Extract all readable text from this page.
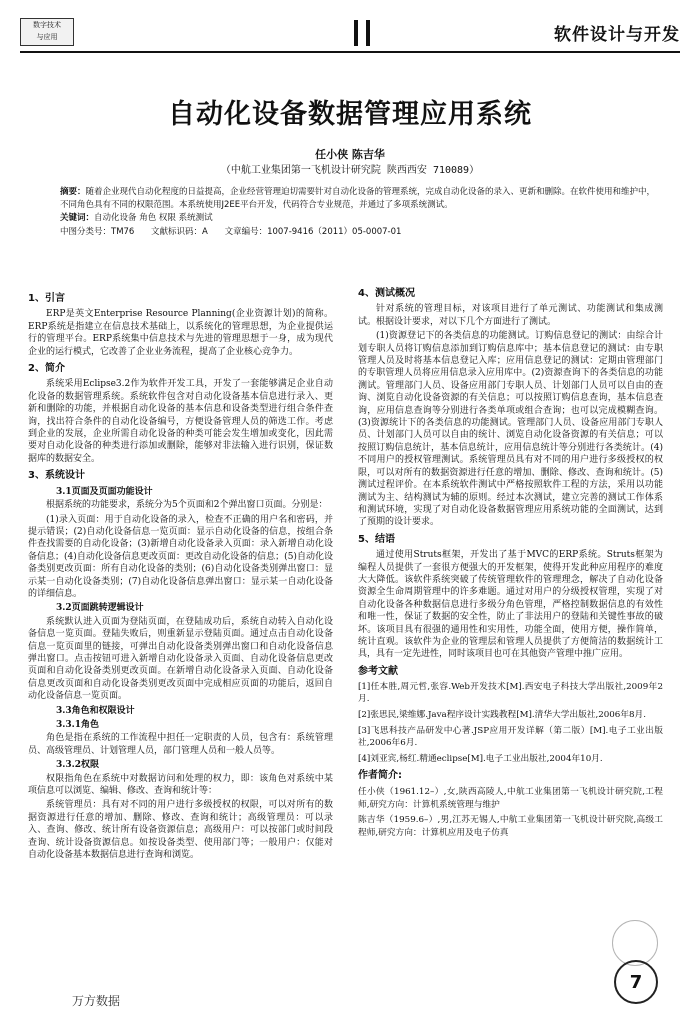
数字技术
与应用	软件设计与开发
自动化设备数据管理应用系统
任小侠 陈吉华
（中航工业集团第一飞机设计研究院 陕西西安 710089）
摘要：随着企业现代自动化程度的日益提高，企业经营管理迫切需要针对自动化设备的管理系统，完成自动化设备的录入、更新和删除。在软件使用和维护中，不同角色具有不同的权限范围。本系统使用J2EE平台开发，代码符合专业规范，并通过了多项系统测试。
关键词：自动化设备 角色 权限 系统测试
中图分类号：TM76 文献标识码：A 文章编号：1007-9416（2011）05-0007-01
1、引言

ERP是英文Enterprise Resource Planning(企业资源计划)的简称。ERP系统是指建立在信息技术基础上，以系统化的管理思想，为企业提供运行的管理平台。ERP系统集中信息技术与先进的管理思想于一身，成为现代企业的运行模式，它改善了企业业务流程，提高了企业核心竞争力。

2、简介

系统采用Eclipse3.2作为软件开发工具，开发了一套能够满足企业自动化设备的数据管理系统。系统软件包含对自动化设备基本信息进行录入、更新和删除的功能，并根据自动化设备的基本信息和设备类型进行组合条件查询，找出符合条件的自动化设备编号，方便设备管理人员的筛选工作。考虑到企业的发展，企业所需自动化设备的种类可能会发生增加或变化，因此需要对自动化设备的种类进行添加或删除，能够对非法输入进行识别，保证数据库的数据安全。

3、系统设计
3.1页面及页面功能设计

根据系统的功能要求，系统分为5个页面和2个弹出窗口页面。分别是：

(1)录入页面：用于自动化设备的录入，检查不正确的用户名和密码，并提示错误；(2)自动化设备信息一览页面：显示自动化设备的信息，按组合条件查找需要的自动化设备；(3)新增自动化设备录入页面：录入新增自动化设备信息；(4)自动化设备信息更改页面：更改自动化设备的信息；(5)自动化设备类别更改页面：所有自动化设备的类别；(6)自动化设备类别弹出窗口：显示某一自动化设备类别；(7)自动化设备信息弹出窗口：显示某一自动化设备的详细信息。

3.2页面跳转逻辑设计

系统默认进入页面为登陆页面，在登陆成功后，系统自动转入自动化设备信息一览页面。登陆失败后，则重新显示登陆页面。通过点击自动化设备信息一览页面里的链接，可弹出自动化设备类别弹出窗口和自动化设备信息弹出窗口。点击按钮可进入新增自动化设备录入页面、自动化设备信息更改页面和自动化设备类别更改页面。在新增自动化设备录入页面、自动化设备信息更改页面和自动化设备类别更改页面中完成相应页面的功能后，返回自动化设备信息一览页面。

3.3角色和权限设计
3.3.1角色

角色是指在系统的工作流程中担任一定职责的人员，包含有：系统管理员、高级管理员、计划管理人员，部门管理人员和一般人员等。

3.3.2权限

权限指角色在系统中对数据访问和处理的权力，即：该角色对系统中某项信息可以浏览、编辑、修改、查询和统计等：

系统管理员：具有对不同的用户进行多级授权的权限，可以对所有的数据资源进行任意的增加、删除、修改、查询和统计；高级管理员：可以录入、查询、修改、统计所有设备资源信息；高级用户：可以按部门或时间段查询、统计设备资源信息。如按设备类型、使用部门等；一般用户：仅能对自动化设备基本数据信息进行查询和浏览。

4、测试概况

针对系统的管理目标，对该项目进行了单元测试、功能测试和集成测试。根据设计要求，对以下几个方面进行了测试。

(1)资源登记下的各类信息的功能测试。订购信息登记的测试：由综合计划专职人员将订购信息添加到订购信息库中；基本信息登记的测试：由专职管理人员及时将基本信息登记入库；应用信息登记的测试：定期由管理部门的专职管理人员将应用信息录入应用库中。(2)资源查询下的各类信息的功能测试。管理部门人员、设备应用部门专职人员、计划部门人员可以自由的查询、浏览自动化设备资源的有关信息；可以按照订购信息查询，基本信息查询，应用信息查询等分别进行各类单项或组合查询；也可以完成模糊查询。(3)资源统计下的各类信息的功能测试。管理部门人员、设备应用部门专职人员、计划部门人员可以自由的统计、浏览自动化设备资源的有关信息；可以按照订购信息统计，基本信息统计，应用信息统计等分别进行各类统计。(4)不同用户的授权管理测试。系统管理员具有对不同的用户进行多级授权的权限，可以对所有的数据资源进行任意的增加、删除、修改、查询和统计。(5)测试过程评价。在本系统软件测试中严格按照软件工程的方法，采用以功能测试为主、结构测试为辅的原则。经过本次测试，建立完善的测试工作体系和测试环境，实现了对自动化设备数据管理应用系统功能的全面测试，达到了预期的设计要求。

5、结语

通过使用Struts框架，开发出了基于MVC的ERP系统。Struts框架为编程人员提供了一套很方便强大的开发框架，使得开发此种应用程序的难度大大降低。该软件系统突破了传统管理软件的管理理念，解决了自动化设备资源全生命周期管理中的许多难题。通过对用户的分级授权管理，实现了对自动化设备各种数据信息进行多级分角色管理，严格控制数据信息的有效性和唯一性，保证了数据的安全性，防止了非法用户的登陆和关键性事故的破坏。该项目具有很强的通用性和实用性，功能全面，使用方便，操作简单，统计直观。该软件为企业的管理层和管理人员提供了方便简洁的数据统计工具，具有一定先进性，同时该项目也可在其他资产管理中推广应用。

参考文献

[1]任本胜,周元哲,张容.Web开发技术[M].西安电子科技大学出版社,2009年2月.

[2]张思民,梁维娜.Java程序设计实践教程[M].清华大学出版社,2006年8月.

[3]飞思科技产品研发中心著.JSP应用开发详解（第二版）[M].电子工业出版社,2006年6月.

[4]刘亚宾,杨红.精通eclipse[M].电子工业出版社,2004年10月.

作者简介:

任小侠（1961.12–）,女,陕西高陵人,中航工业集团第一飞机设计研究院,工程师,研究方向：计算机系统管理与维护

陈吉华（1959.6–）,男,江苏无锡人,中航工业集团第一飞机设计研究院,高级工程师,研究方向：计算机应用及电子仿真

7
万方数据
